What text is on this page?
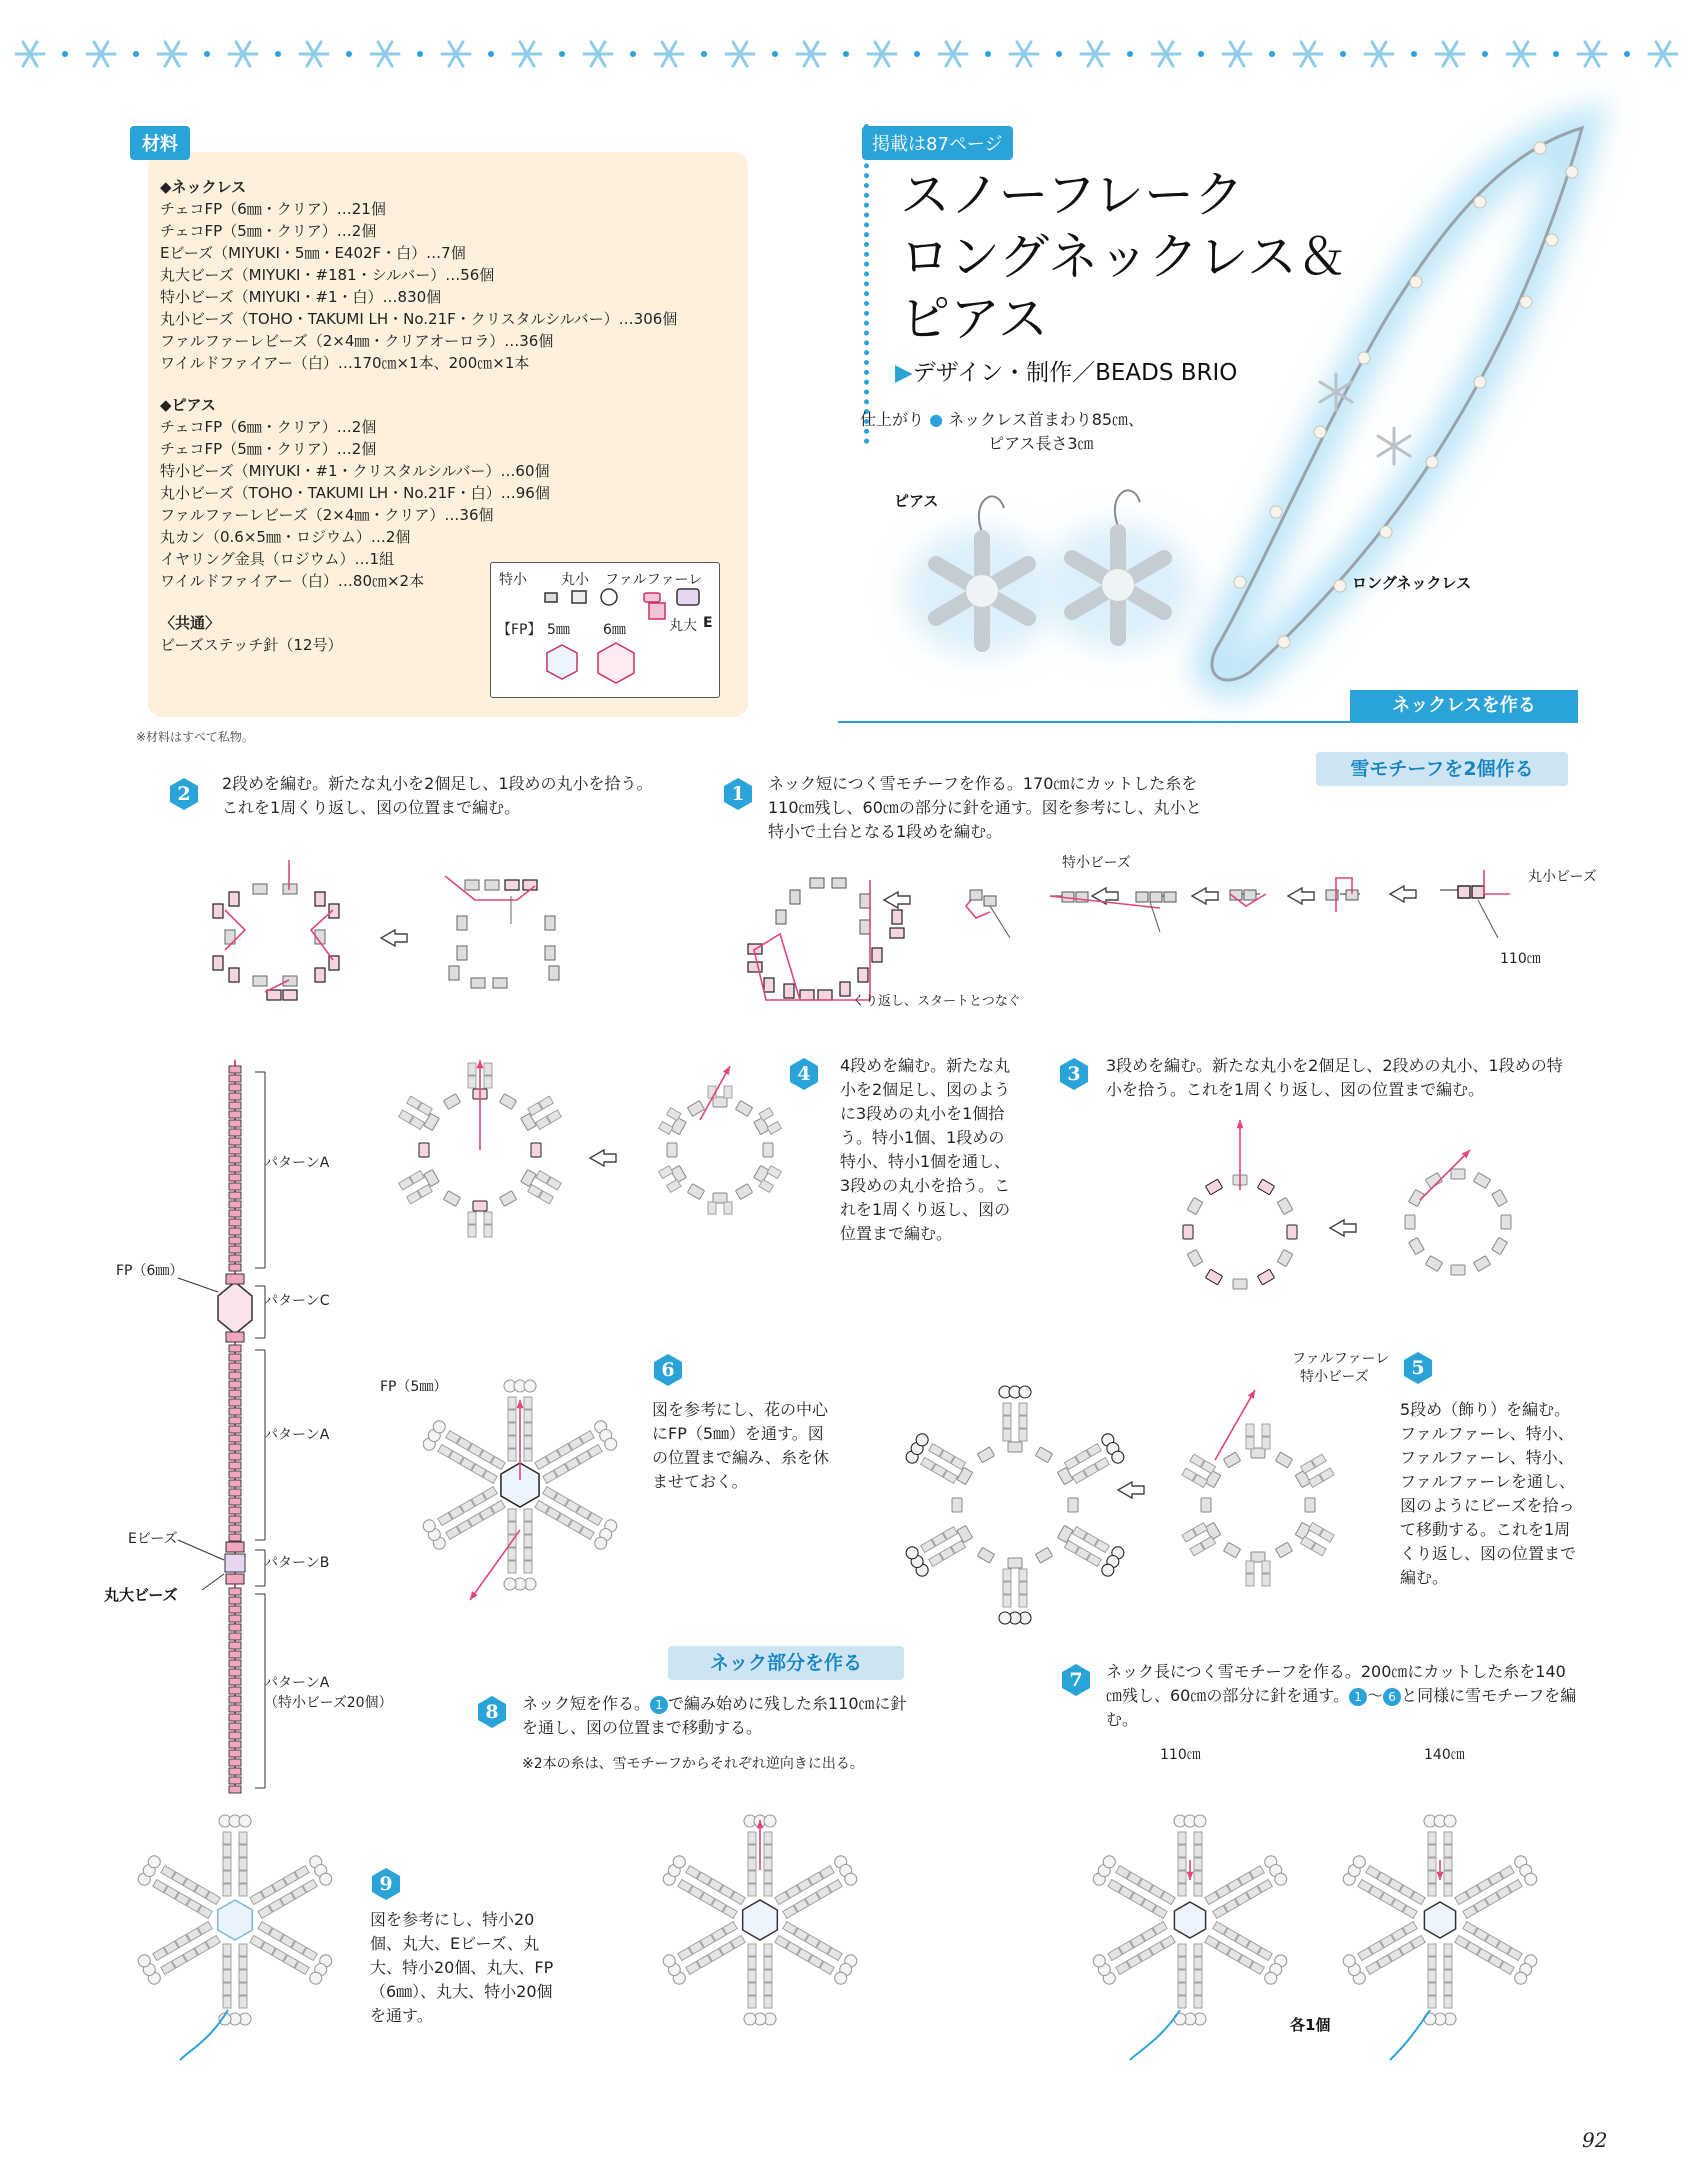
材料
◆ネックレス
チェコFP（6㎜・クリア）…21個
チェコFP（5㎜・クリア）…2個
Eビーズ（MIYUKI・5㎜・E402F・白）…7個
丸大ビーズ（MIYUKI・#181・シルバー）…56個
特小ビーズ（MIYUKI・#1・白）…830個
丸小ビーズ（TOHO・TAKUMI LH・No.21F・クリスタルシルバー）…306個
ファルファーレビーズ（2×4㎜・クリアオーロラ）…36個
ワイルドファイアー（白）…170㎝×1本、200㎝×1本
◆ピアス
チェコFP（6㎜・クリア）…2個
チェコFP（5㎜・クリア）…2個
特小ビーズ（MIYUKI・#1・クリスタルシルバー）…60個
丸小ビーズ（TOHO・TAKUMI LH・No.21F・白）…96個
ファルファーレビーズ（2×4㎜・クリア）…36個
丸カン（0.6×5㎜・ロジウム）…2個
イヤリング金具（ロジウム）…1組
ワイルドファイアー（白）…80㎝×2本
〈共通〉
ビーズステッチ針（12号）
※材料はすべて私物。
特小 丸小 ファルファーレ
【FP】 5㎜ 6㎜	丸大 E
掲載は87ページ
スノーフレーク
ロングネックレス＆
ピアス
▶デザイン・制作／BEADS BRIO
仕上がり ● ネックレス首まわり85㎝、
ピアス長さ3㎝
ロングネックレス
ピアス
ネックレスを作る
雪モチーフを2個作る
ネック部分を作る
2	2段めを編む。新たな丸小を2個足し、1段めの丸小を拾う。これを1周くり返し、図の位置まで編む。
1	ネック短につく雪モチーフを作る。170㎝にカットした糸を110㎝残し、60㎝の部分に針を通す。図を参考にし、丸小と特小で土台となる1段めを編む。
特小ビーズ
丸小ビーズ
110㎝
くり返し、スタートとつなぐ
パターンA
パターンC
パターンA
パターンB
パターンA
（特小ビーズ20個）
FP（6㎜）
Eビーズ
丸大ビーズ
4	4段めを編む。新たな丸小を2個足し、図のように3段めの丸小を1個拾う。特小1個、1段めの特小、特小1個を通し、3段めの丸小を拾う。これを1周くり返し、図の位置まで編む。
3	3段めを編む。新たな丸小を2個足し、2段めの丸小、1段めの特小を拾う。これを1周くり返し、図の位置まで編む。
6
図を参考にし、花の中心にFP（5㎜）を通す。図の位置まで編み、糸を休ませておく。
FP（5㎜）
5
5段め（飾り）を編む。ファルファーレ、特小、ファルファーレ、特小、ファルファーレを通し、図のようにビーズを拾って移動する。これを1周くり返し、図の位置まで編む。
ファルファーレ
特小ビーズ
8	ネック短を作る。 1 で編み始めに残した糸110㎝に針を通し、図の位置まで移動する。
※2本の糸は、雪モチーフからそれぞれ逆向きに出る。
7	ネック長につく雪モチーフを作る。200㎝にカットした糸を140㎝残し、60㎝の部分に針を通す。 1 ～ 6 と同様に雪モチーフを編む。
110㎝	140㎝
各1個
9
図を参考にし、特小20個、丸大、Eビーズ、丸大、特小20個、丸大、FP（6㎜）、丸大、特小20個を通す。
92
